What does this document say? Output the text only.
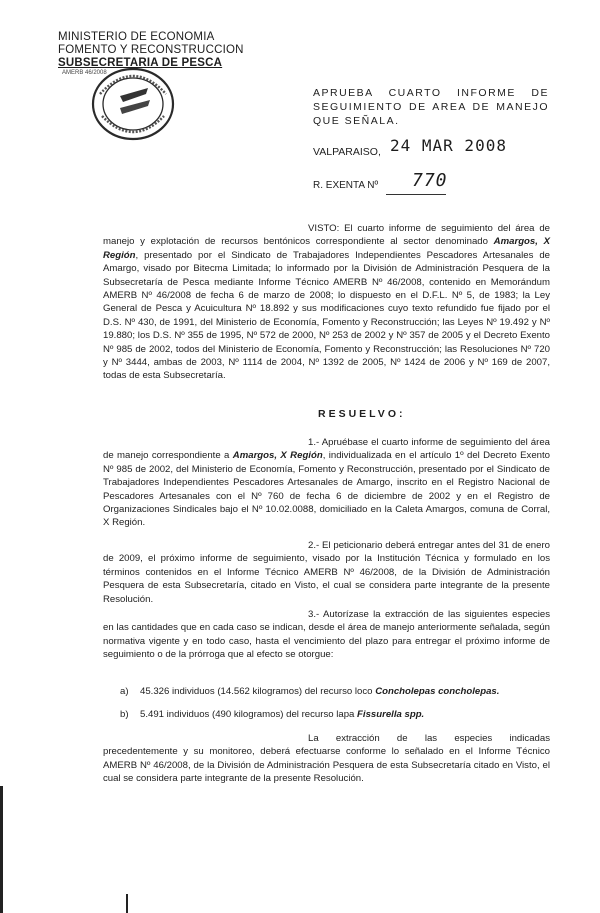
MINISTERIO DE ECONOMIA
FOMENTO Y RECONSTRUCCION
SUBSECRETARIA DE PESCA
AMERB 46/2008
APRUEBA CUARTO INFORME DE SEGUIMIENTO DE AREA DE MANEJO QUE SEÑALA.
VALPARAISO, 24 MAR 2008
R. EXENTA Nº 770
VISTO: El cuarto informe de seguimiento del área de manejo y explotación de recursos bentónicos correspondiente al sector denominado Amargos, X Región, presentado por el Sindicato de Trabajadores Independientes Pescadores Artesanales de Amargo, visado por Bitecma Limitada; lo informado por la División de Administración Pesquera de la Subsecretaría de Pesca mediante Informe Técnico AMERB Nº 46/2008, contenido en Memorándum AMERB Nº 46/2008 de fecha 6 de marzo de 2008; lo dispuesto en el D.F.L. Nº 5, de 1983; la Ley General de Pesca y Acuicultura Nº 18.892 y sus modificaciones cuyo texto refundido fue fijado por el D.S. Nº 430, de 1991, del Ministerio de Economía, Fomento y Reconstrucción; las Leyes Nº 19.492 y Nº 19.880; los D.S. Nº 355 de 1995, Nº 572 de 2000, Nº 253 de 2002 y Nº 357 de 2005 y el Decreto Exento Nº 985 de 2002, todos del Ministerio de Economía, Fomento y Reconstrucción; las Resoluciones Nº 720 y Nº 3444, ambas de 2003, Nº 1114 de 2004, Nº 1392 de 2005, Nº 1424 de 2006 y Nº 169 de 2007, todas de esta Subsecretaría.
RESUELVO:
1.- Apruébase el cuarto informe de seguimiento del área de manejo correspondiente a Amargos, X Región, individualizada en el artículo 1º del Decreto Exento Nº 985 de 2002, del Ministerio de Economía, Fomento y Reconstrucción, presentado por el Sindicato de Trabajadores Independientes Pescadores Artesanales de Amargo, inscrito en el Registro Nacional de Pescadores Artesanales con el Nº 760 de fecha 6 de diciembre de 2002 y en el Registro de Organizaciones Sindicales bajo el Nº 10.02.0088, domiciliado en la Caleta Amargos, comuna de Corral, X Región.
2.- El peticionario deberá entregar antes del 31 de enero de 2009, el próximo informe de seguimiento, visado por la Institución Técnica y formulado en los términos contenidos en el Informe Técnico AMERB Nº 46/2008, de la División de Administración Pesquera de esta Subsecretaría, citado en Visto, el cual se considera parte integrante de la presente Resolución.
3.- Autorízase la extracción de las siguientes especies en las cantidades que en cada caso se indican, desde el área de manejo anteriormente señalada, según normativa vigente y en todo caso, hasta el vencimiento del plazo para entregar el próximo informe de seguimiento o de la prórroga que al efecto se otorgue:
a) 45.326 individuos (14.562 kilogramos) del recurso loco Concholepas concholepas.
b) 5.491 individuos (490 kilogramos) del recurso lapa Fissurella spp.
La extracción de las especies indicadas precedentemente y su monitoreo, deberá efectuarse conforme lo señalado en el Informe Técnico AMERB Nº 46/2008, de la División de Administración Pesquera de esta Subsecretaría citado en Visto, el cual se considera parte integrante de la presente Resolución.
